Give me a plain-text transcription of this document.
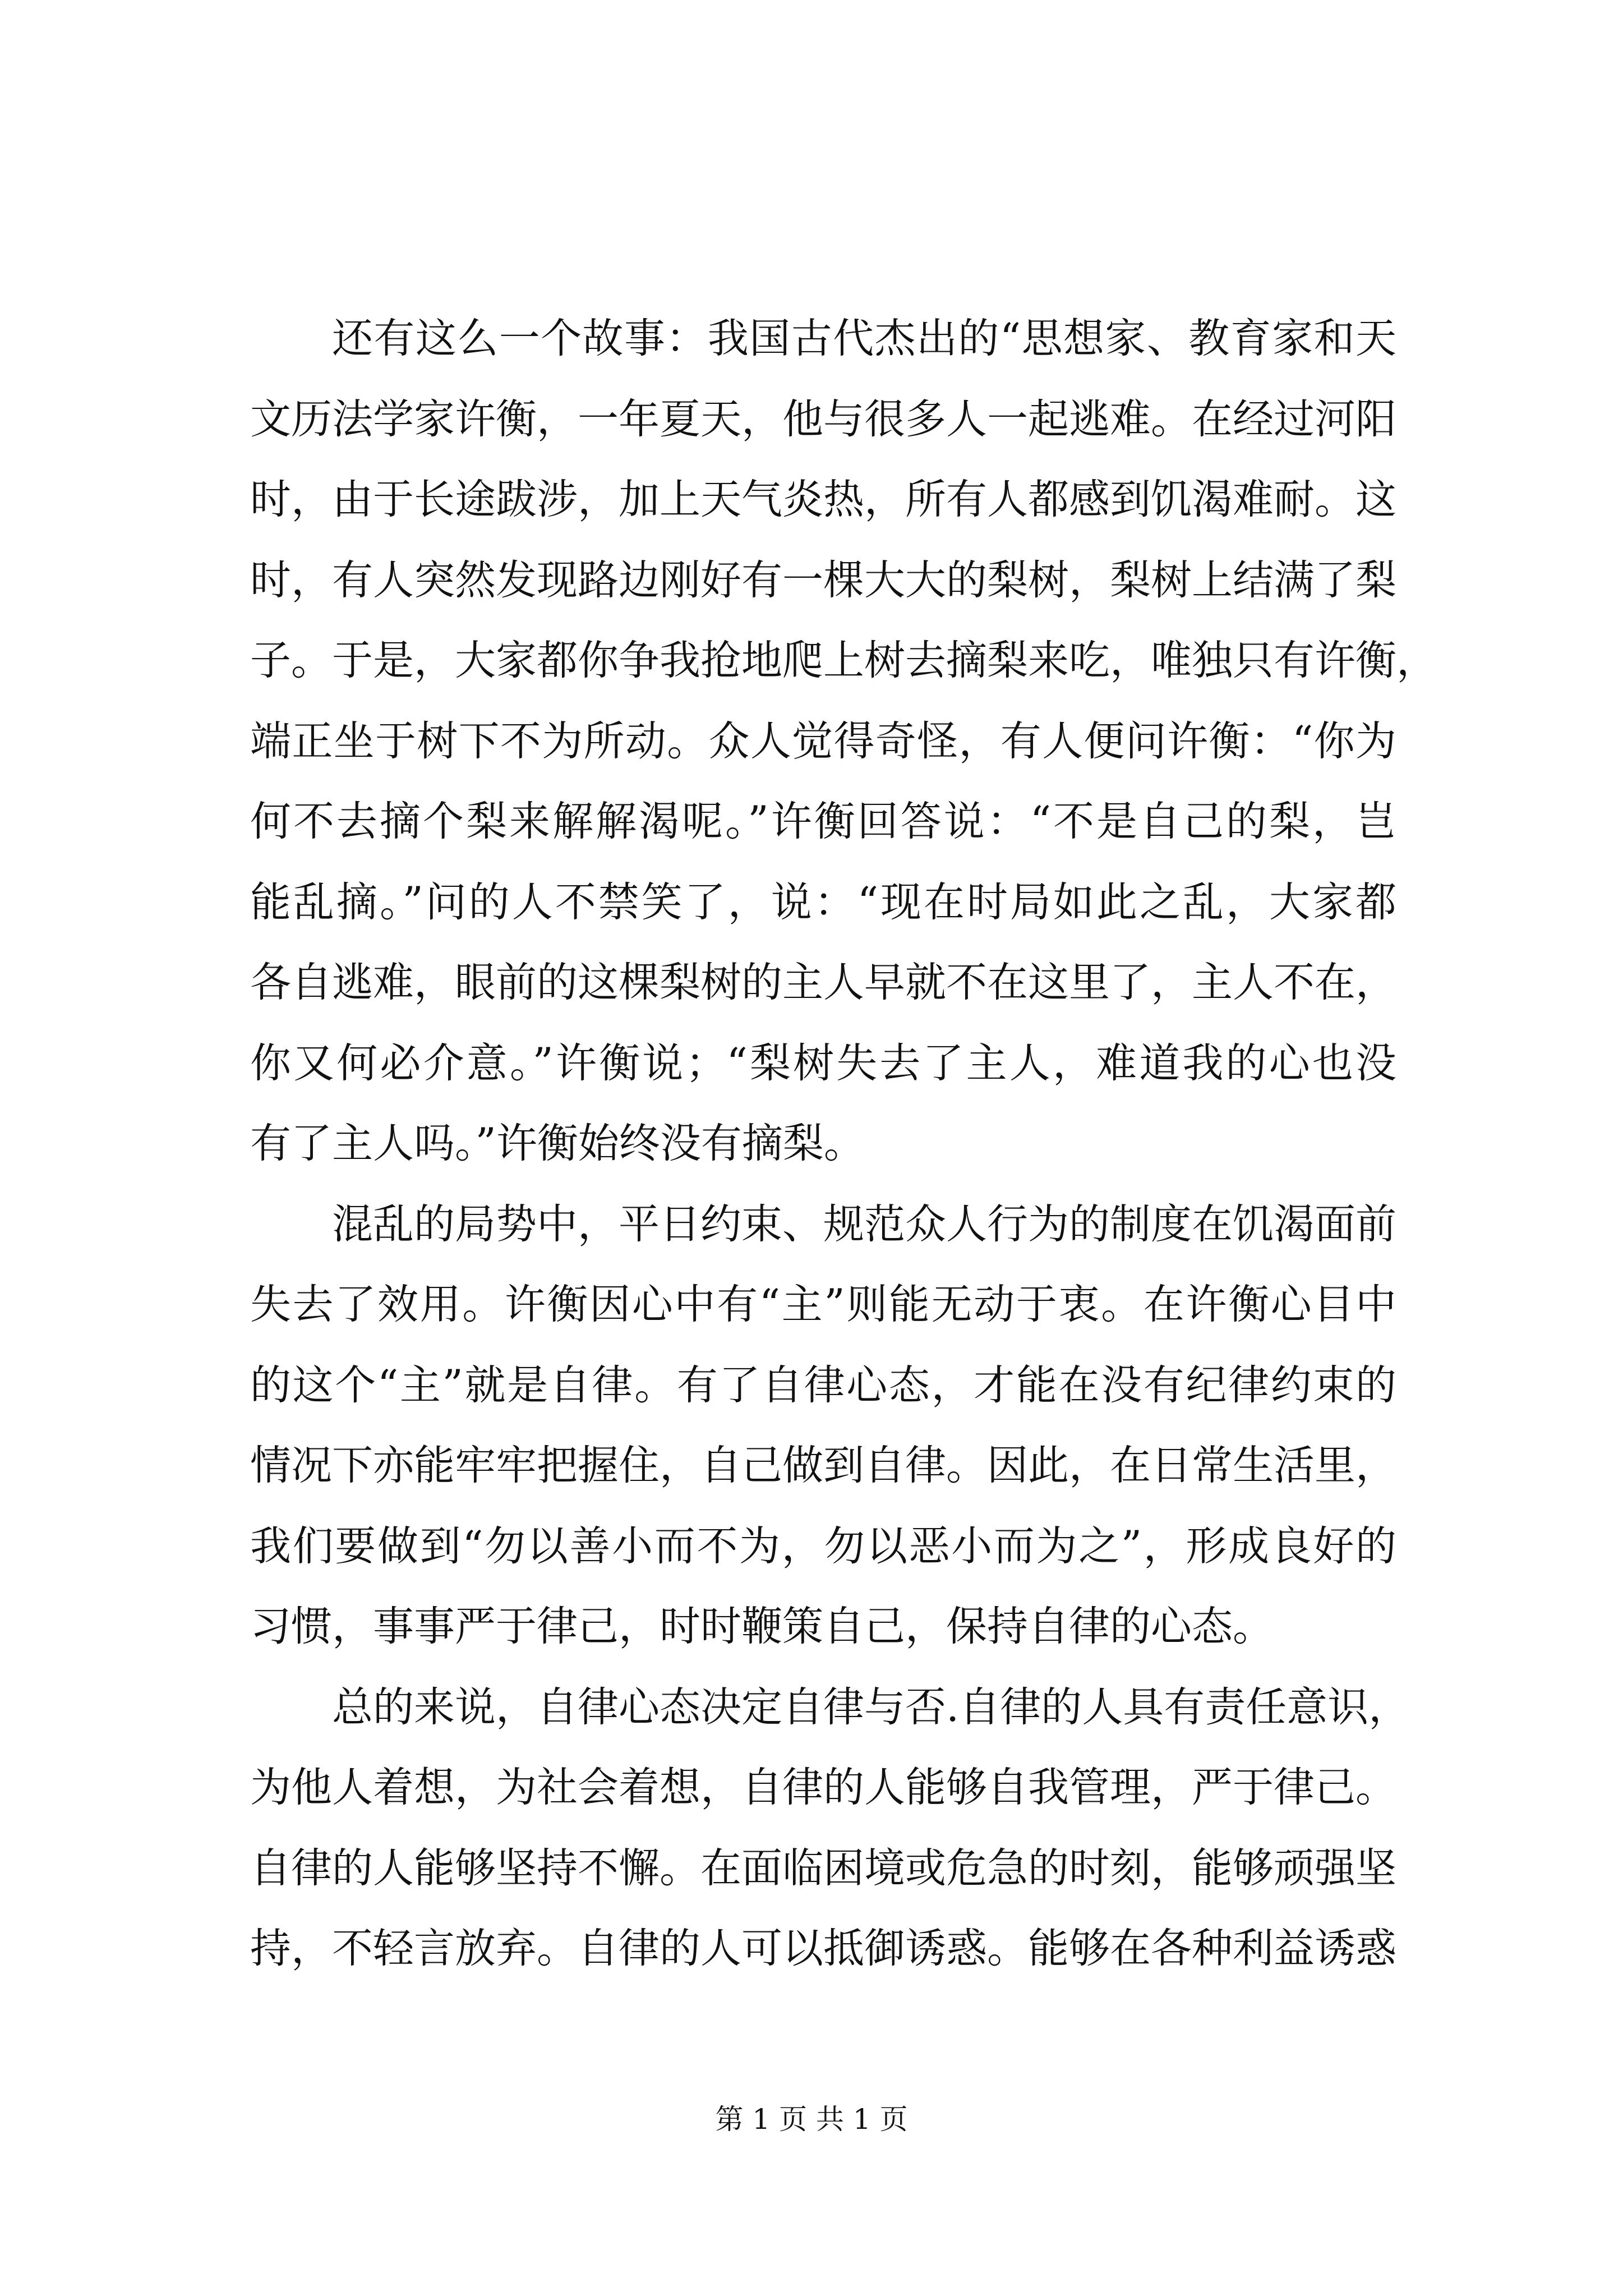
还有这么一个故事：我国古代杰出的“思想家、教育家和天
文历法学家许衡，一年夏天，他与很多人一起逃难。在经过河阳
时，由于长途跋涉，加上天气炎热，所有人都感到饥渴难耐。这
时，有人突然发现路边刚好有一棵大大的梨树，梨树上结满了梨
子。于是，大家都你争我抢地爬上树去摘梨来吃，唯独只有许衡，
端正坐于树下不为所动。众人觉得奇怪，有人便问许衡：“你为
何不去摘个梨来解解渴呢。”许衡回答说：“不是自己的梨，岂
能乱摘。”问的人不禁笑了，说：“现在时局如此之乱，大家都
各自逃难，眼前的这棵梨树的主人早就不在这里了，主人不在，
你又何必介意。”许衡说；“梨树失去了主人，难道我的心也没
有了主人吗。”许衡始终没有摘梨。
混乱的局势中，平日约束、规范众人行为的制度在饥渴面前
失去了效用。许衡因心中有“主”则能无动于衷。在许衡心目中
的这个“主”就是自律。有了自律心态，才能在没有纪律约束的
情况下亦能牢牢把握住，自己做到自律。因此，在日常生活里，
我们要做到“勿以善小而不为，勿以恶小而为之”，形成良好的
习惯，事事严于律己，时时鞭策自己，保持自律的心态。
总的来说，自律心态决定自律与否.自律的人具有责任意识，
为他人着想，为社会着想，自律的人能够自我管理，严于律己。
自律的人能够坚持不懈。在面临困境或危急的时刻，能够顽强坚
持，不轻言放弃。自律的人可以抵御诱惑。能够在各种利益诱惑
第 1 页 共 1 页
